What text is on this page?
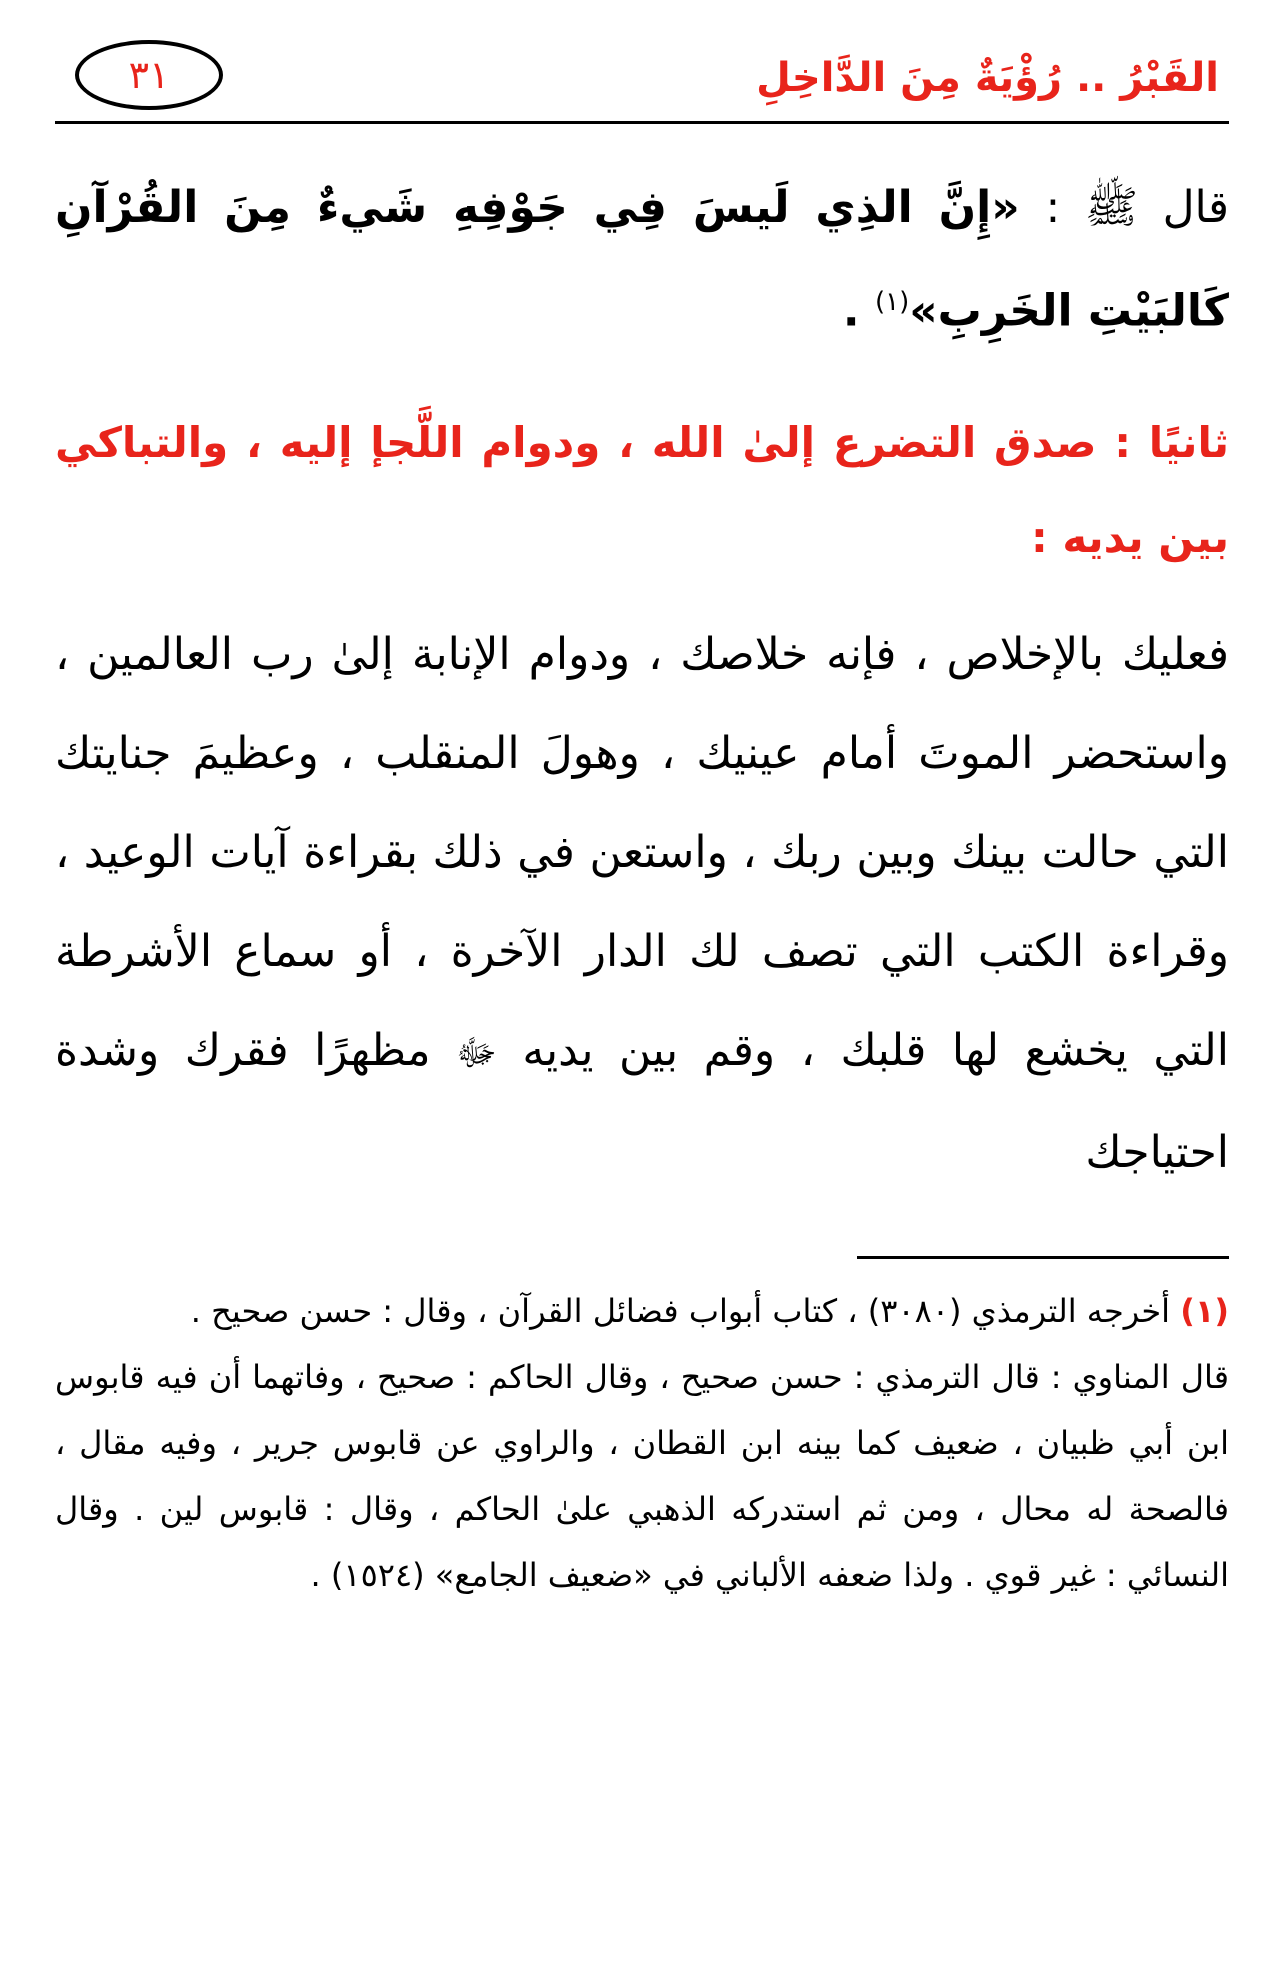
القَبْرُ .. رُؤْيَةٌ مِنَ الدَّاخِلِ
٣١
قال ﷺ : «إِنَّ الذِي لَيسَ فِي جَوْفِهِ شَيءٌ مِنَ القُرْآنِ كَالبَيْتِ الخَرِبِ»$^{(١)}$ .
ثانيًا : صدق التضرع إلىٰ الله ، ودوام اللَّجإ إليه ، والتباكي بين يديه :
فعليك بالإخلاص ، فإنه خلاصك ، ودوام الإنابة إلىٰ رب العالمين ، واستحضر الموتَ أمام عينيك ، وهولَ المنقلب ، وعظيمَ جنايتك التي حالت بينك وبين ربك ، واستعن في ذلك بقراءة آيات الوعيد ، وقراءة الكتب التي تصف لك الدار الآخرة ، أو سماع الأشرطة التي يخشع لها قلبك ، وقم بين يديه ﷻ مظهرًا فقرك وشدة احتياجك

(١) أخرجه الترمذي (٣٠٨٠) ، كتاب أبواب فضائل القرآن ، وقال : حسن صحيح .

قال المناوي : قال الترمذي : حسن صحيح ، وقال الحاكم : صحيح ، وفاتهما أن فيه قابوس ابن أبي ظبيان ، ضعيف كما بينه ابن القطان ، والراوي عن قابوس جرير ، وفيه مقال ، فالصحة له محال ، ومن ثم استدركه الذهبي علىٰ الحاكم ، وقال : قابوس لين . وقال النسائي : غير قوي . ولذا ضعفه الألباني في «ضعيف الجامع» (١٥٢٤) .
